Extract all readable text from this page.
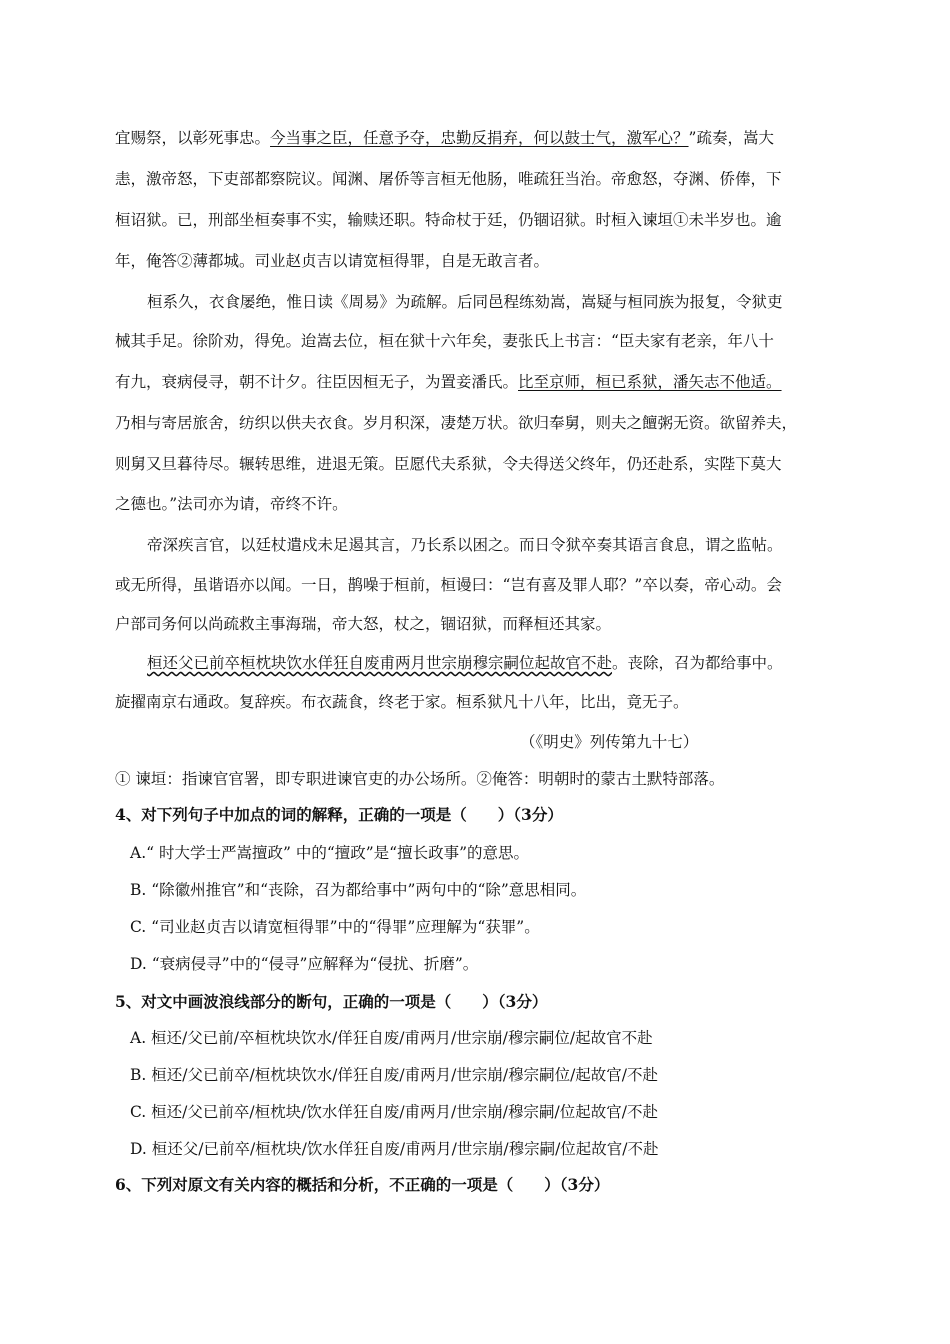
宜赐祭，以彰死事忠。今当事之臣，任意予夺，忠勤反捐弃，何以鼓士气，激军心？”疏奏，嵩大
恚，激帝怒，下吏部都察院议。闻渊、屠侨等言桓无他肠，唯疏狂当治。帝愈怒，夺渊、侨俸，下
桓诏狱。已，刑部坐桓奏事不实，输赎还职。特命杖于廷，仍锢诏狱。时桓入谏垣①未半岁也。逾
年，俺答②薄都城。司业赵贞吉以请宽桓得罪，自是无敢言者。
桓系久，衣食屡绝，惟日读《周易》为疏解。后同邑程练劾嵩，嵩疑与桓同族为报复，令狱吏
械其手足。徐阶劝，得免。迨嵩去位，桓在狱十六年矣，妻张氏上书言：“臣夫家有老亲，年八十
有九，衰病侵寻，朝不计夕。往臣因桓无子，为置妾潘氏。比至京师，桓已系狱，潘矢志不他适。
乃相与寄居旅舍，纺织以供夫衣食。岁月积深，凄楚万状。欲归奉舅，则夫之饘粥无资。欲留养夫，
则舅又旦暮待尽。辗转思维，进退无策。臣愿代夫系狱，令夫得送父终年，仍还赴系，实陛下莫大
之德也。”法司亦为请，帝终不许。
帝深疾言官，以廷杖遣戍未足遏其言，乃长系以困之。而日令狱卒奏其语言食息，谓之监帖。
或无所得，虽谐语亦以闻。一日，鹊噪于桓前，桓谩曰：“岂有喜及罪人耶？”卒以奏，帝心动。会
户部司务何以尚疏救主事海瑞，帝大怒，杖之，锢诏狱，而释桓还其家。
桓还父已前卒桓枕块饮水佯狂自废甫两月世宗崩穆宗嗣位起故官不赴。丧除，召为都给事中。
旋擢南京右通政。复辞疾。布衣蔬食，终老于家。桓系狱凡十八年，比出，竟无子。
（《明史》列传第九十七）
① 谏垣：指谏官官署，即专职进谏官吏的办公场所。②俺答：明朝时的蒙古土默特部落。
4、对下列句子中加点的词的解释，正确的一项是（　　）（3分）
A.“ 时大学士严嵩擅政” 中的“擅政”是“擅长政事”的意思。
B. “除徽州推官”和“丧除，召为都给事中”两句中的“除”意思相同。
C. “司业赵贞吉以请宽桓得罪”中的“得罪”应理解为“获罪”。
D. “衰病侵寻”中的“侵寻”应解释为“侵扰、折磨”。
5、对文中画波浪线部分的断句，正确的一项是（　　）（3分）
A. 桓还/父已前/卒桓枕块饮水/佯狂自废/甫两月/世宗崩/穆宗嗣位/起故官不赴
B. 桓还/父已前卒/桓枕块饮水/佯狂自废/甫两月/世宗崩/穆宗嗣位/起故官/不赴
C. 桓还/父已前卒/桓枕块/饮水佯狂自废/甫两月/世宗崩/穆宗嗣/位起故官/不赴
D. 桓还父/已前卒/桓枕块/饮水佯狂自废/甫两月/世宗崩/穆宗嗣/位起故官/不赴
6、下列对原文有关内容的概括和分析，不正确的一项是（　　）（3分）
